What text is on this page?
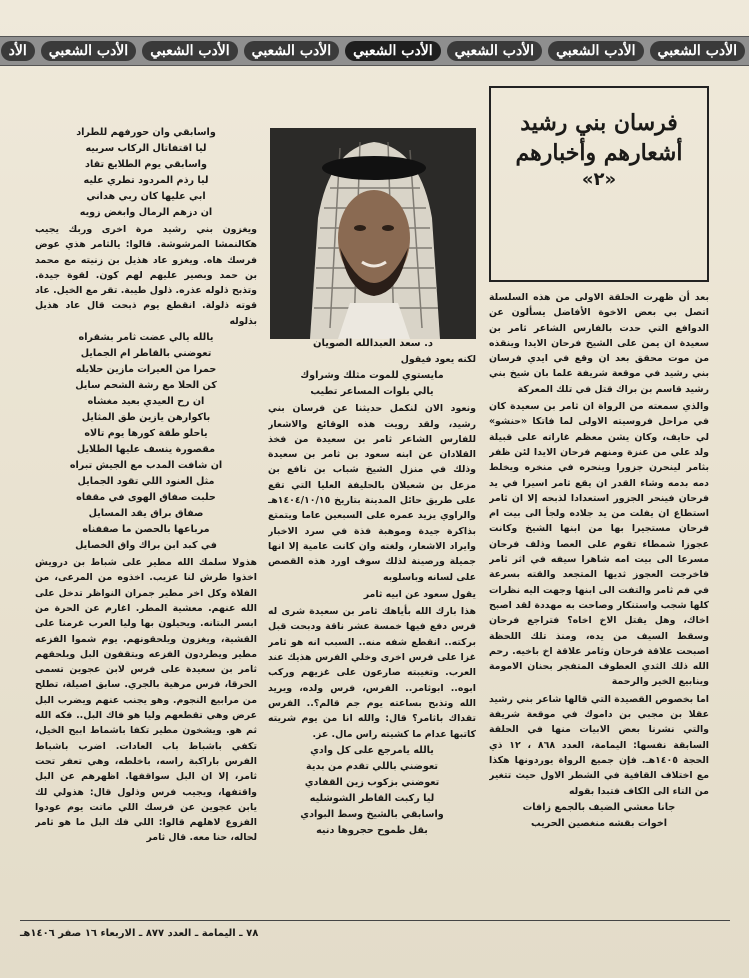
الأدب الشعبي
الأدب الشعبي
الأدب الشعبي
الأدب الشعبي
الأدب الشعبي
الأدب الشعبي
الأدب الشعبي
الأد
فرسان بني رشيد
أشعارهم وأخبارهم
«٢»

بعد أن ظهرت الحلقة الاولى من هذه السلسلة اتصل بي بعض الاخوة الأفاضل يسألون عن الدوافع التي حدت بالفارس الشاعر ثامر بن سعيدة ان يمن على الشيخ فرحان الايدا وينقذه من موت محقق بعد ان وقع في ايدي فرسان بني رشيد في موقعة شريفة علما بان شيخ بني رشيد قاسم بن براك قتل في تلك المعركة

والذي سمعته من الرواة ان ثامر بن سعيدة كان في مراحل فروسيته الاولى لما فاتكا «حنشو» لي حايف، وكان يشن معظم غاراته على قبيلة ولد علي من عنزة ومنهم فرحان الايدا لئن ظفر بثامر لينحرن جزورا وينحره في منخره ويخلط دمه بدمه وشاء القدر ان يقع ثامر اسيرا في يد فرحان فينحر الجزور استعدادا لذبحه إلا ان ثامر استطاع ان يفلت من يد جلاده ولجأ الى بيت ام فرحان مستجيرا بها من ابنها الشيخ وكانت عجوزا شمطاء تقوم على العصا وذلف فرحان مسرعا الى بيت امه شاهرا سيفه في اثر ثامر فاخرجت العجوز ثديها المتجعد والقته بسرعة في فم ثامر والتفت الى ابنها وجهت اليه نظرات كلها شجب واستنكار وصاحت به مهددة لقد اصبح اخاك، وهل يقتل الاخ اخاه؟ فتراجع فرحان وسقط السيف من يده، ومنذ تلك اللحظة اصبحت علاقة فرحان وثامر علاقة اخ باخيه. رحم الله ذلك الثدي العطوف المتفجر بحنان الامومة وينابيع الخير والرحمة

اما بخصوص القصيدة التي قالها شاعر بني رشيد عقلا بن مجبي بن داموك في موقعة شريفة والتي نشرنا بعض الابيات منها في الحلقة السابقة نفسها: اليمامة، العدد ٨٦٨ ، ١٢ ذي الحجة ١٤٠٥هـ. فإن جميع الرواة يوردونها هكذا مع اختلاف القافية في الشطر الاول حيث تتغير من التاء الى الكاف فتبدا بقوله

جانا معشي الضيف بالجمع زافات

اخوات بقشه منغصين الحريب

د. سعد العبدالله الصويان

لكنه يعود فيقول

مايستوي للموت مثلك وشراوك

يالي بلوات المساعر تطيب

ونعود الان لنكمل حديثنا عن فرسان بني رشيد، ولقد رويت هذه الوقائع والاشعار للفارس الشاعر ثامر بن سعيدة من فخذ القلادان عن ابنه سعود بن ثامر بن سعيدة وذلك في منزل الشيخ شباب بن نافع بن مزعل بن شعيلان بالحليفة العليا التي تقع على طريق حائل المدينة بتاريخ ١٤٠٤/١٠/١٥هـ والراوي يزيد عمره على السبعين عاما ويتمتع بذاكرة جيدة وموهبة فذة في سرد الاخبار وايراد الاشعار، ولغته وان كانت عامية إلا انها جميلة ورصينة لذلك سوف اورد هذه القصص على لسانه وباسلوبه

يقول سعود عن ابيه ثامر

هذا بارك الله بأياهك ثامر بن سعيدة شرى له فرس دفع فيها خمسة عشر ناقة ودبحت قبل بركته.. انقطع شفه منه.. السبب انه هو ثامر غزا على فرس اخرى وخلي الفرس هذيك عند العرب. وتغيبته صارعون على غزيهم وركب ابوه.. ابوثامر.. الفرس، فرس ولده، ويريد الله وتذبح بساعته يوم جم قالم؟.. الفرس تقداك باثامر؟ قال: والله انا من يوم شريته كاتبها عدام ما كشيته راس مال. عز.

يالله يامرجع على كل وادي

تعوضني باللي تقدم من بدية

تعوضني بزكوب زين القفادي

ليا ركبت القاطر الشوشليه

واسابقي بالشيخ وسط البوادي

بقل طموح حجروها دنيه

واسابقي وان حورفهم للطراد

ليا اقتفاتال الركاب سربيه

واسابقي يوم الطلايع تقاد

ليا رذم المردود تطري عليه

ابي عليها كان ربي هداني

ان دزهم الرمال وابغض زويه

ويغزون بني رشيد مرة اخرى وربك يجيب هكالنمشا المرشوشة. قالوا: يالثامر هذي عوض فرسك هاه. ويغزو عاد هذيل بن زنيته مع محمد بن حمد وبصير عليهم لهم كون. لقوة جيدة. وتذبح ذلوله عذره. ذلول طيبة. تقر مع الخيل. عاد قوته ذلولة. انقطع يوم ذبحت قال عاد هذيل بذلوله

يالله يالي عضت ثامر بشقراه

تعوضني بالقاطر ام الجمايل

حمرا من العيرات مازين حلايله

كن الحلا مع رشة الشحم سايل

ان رح العيدي بعيد مغشاه

باكوارهن يازين طق المثايل

ياحلو طقة كورها يوم تالاه

مقصورة ينسف عليها الطلايل

ان شافت المدب مع الجيش تبراه

مثل العنود اللي تقود الجمايل

حلبت صفاق الهوى في مقفاه

صفاق براق يقد المسايل

مرباعها بالحصن ما صففناه

في كبد ابن براك واق الخصايل

هذولا سلمك الله مطير على شباط بن درويش اخذوا طرش لنا عزيب. اخذوه من المرعى، من الفلاة وكل اخر مطير جمران النواظر تدخل على الله عنهم. معشية المطر. اغارم عن الحرة من ابسر البتانه. ويحيلون بها وليا العرب غرمنا على القشية، ويغزون ويلحقونهم. يوم شموا الفزعه مطير ويطردون الفزعه ويتقفون البل ويلحقهم ثامر بن سعيدة على فرس لابن عجوين تسمى الحرقا، فرس مرهية بالجري. سابق اصيلة، تطلح من مرابيع النجوم. وهو يجنب عنهم ويضرب البل عرض وهي تقطعهم وليا هو فاك البل.. فكه الله ثم هو. ويشخون مطير تكفا باشماط ابيح الخيل، تكفي باشباط باب العادات. اضرب باشباط الفرس باراكبة راسه، باخلطه، وهي تعفر تحت ثامر، إلا ان البل سواقفها. اظهرهم عن البل واقتفها، ويجيب فرس وذلول قال: هذولي لك يابن عجوين عن فرسك اللي ماتت يوم عودوا الفزوع لاهلهم قالوا: اللي فك البل ما هو ثامر لحاله، حنا معه. قال ثامر

٧٨ ـ اليمامة ـ العدد ٨٧٧ ـ الاربعاء ١٦ صفر ١٤٠٦هـ
